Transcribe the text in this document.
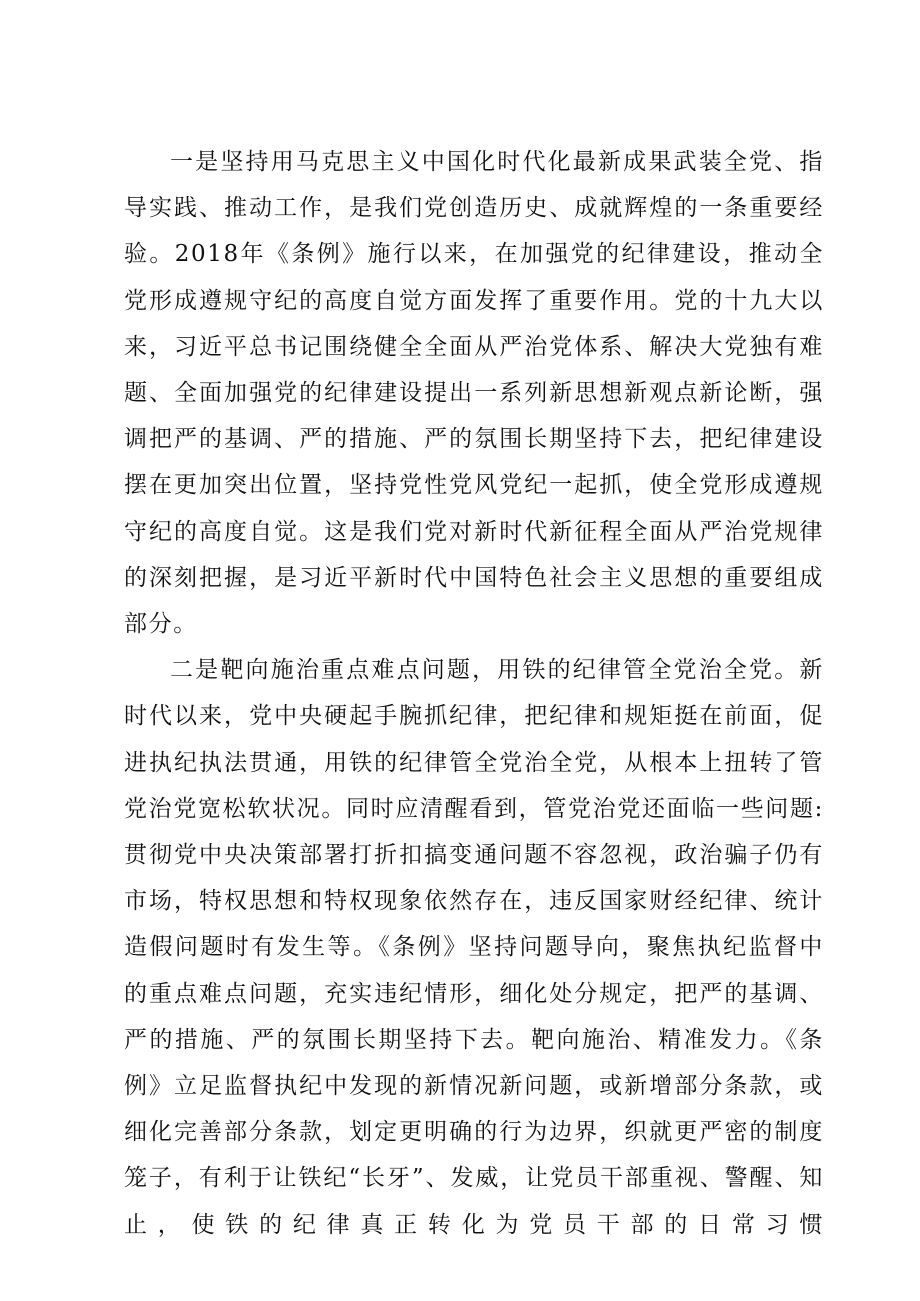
一是坚持用马克思主义中国化时代化最新成果武装全党、指导实践、推动工作，是我们党创造历史、成就辉煌的一条重要经验。2018年《条例》施行以来，在加强党的纪律建设，推动全党形成遵规守纪的高度自觉方面发挥了重要作用。党的十九大以来，习近平总书记围绕健全全面从严治党体系、解决大党独有难题、全面加强党的纪律建设提出一系列新思想新观点新论断，强调把严的基调、严的措施、严的氛围长期坚持下去，把纪律建设摆在更加突出位置，坚持党性党风党纪一起抓，使全党形成遵规守纪的高度自觉。这是我们党对新时代新征程全面从严治党规律的深刻把握，是习近平新时代中国特色社会主义思想的重要组成部分。

二是靶向施治重点难点问题，用铁的纪律管全党治全党。新时代以来，党中央硬起手腕抓纪律，把纪律和规矩挺在前面，促进执纪执法贯通，用铁的纪律管全党治全党，从根本上扭转了管党治党宽松软状况。同时应清醒看到，管党治党还面临一些问题:贯彻党中央决策部署打折扣搞变通问题不容忽视，政治骗子仍有市场，特权思想和特权现象依然存在，违反国家财经纪律、统计造假问题时有发生等。《条例》坚持问题导向，聚焦执纪监督中的重点难点问题，充实违纪情形，细化处分规定，把严的基调、严的措施、严的氛围长期坚持下去。靶向施治、精准发力。《条例》立足监督执纪中发现的新情况新问题，或新增部分条款，或细化完善部分条款，划定更明确的行为边界，织就更严密的制度笼子，有利于让铁纪“长牙”、发威，让党员干部重视、警醒、知止，使铁的纪律真正转化为党员干部的日常习惯
